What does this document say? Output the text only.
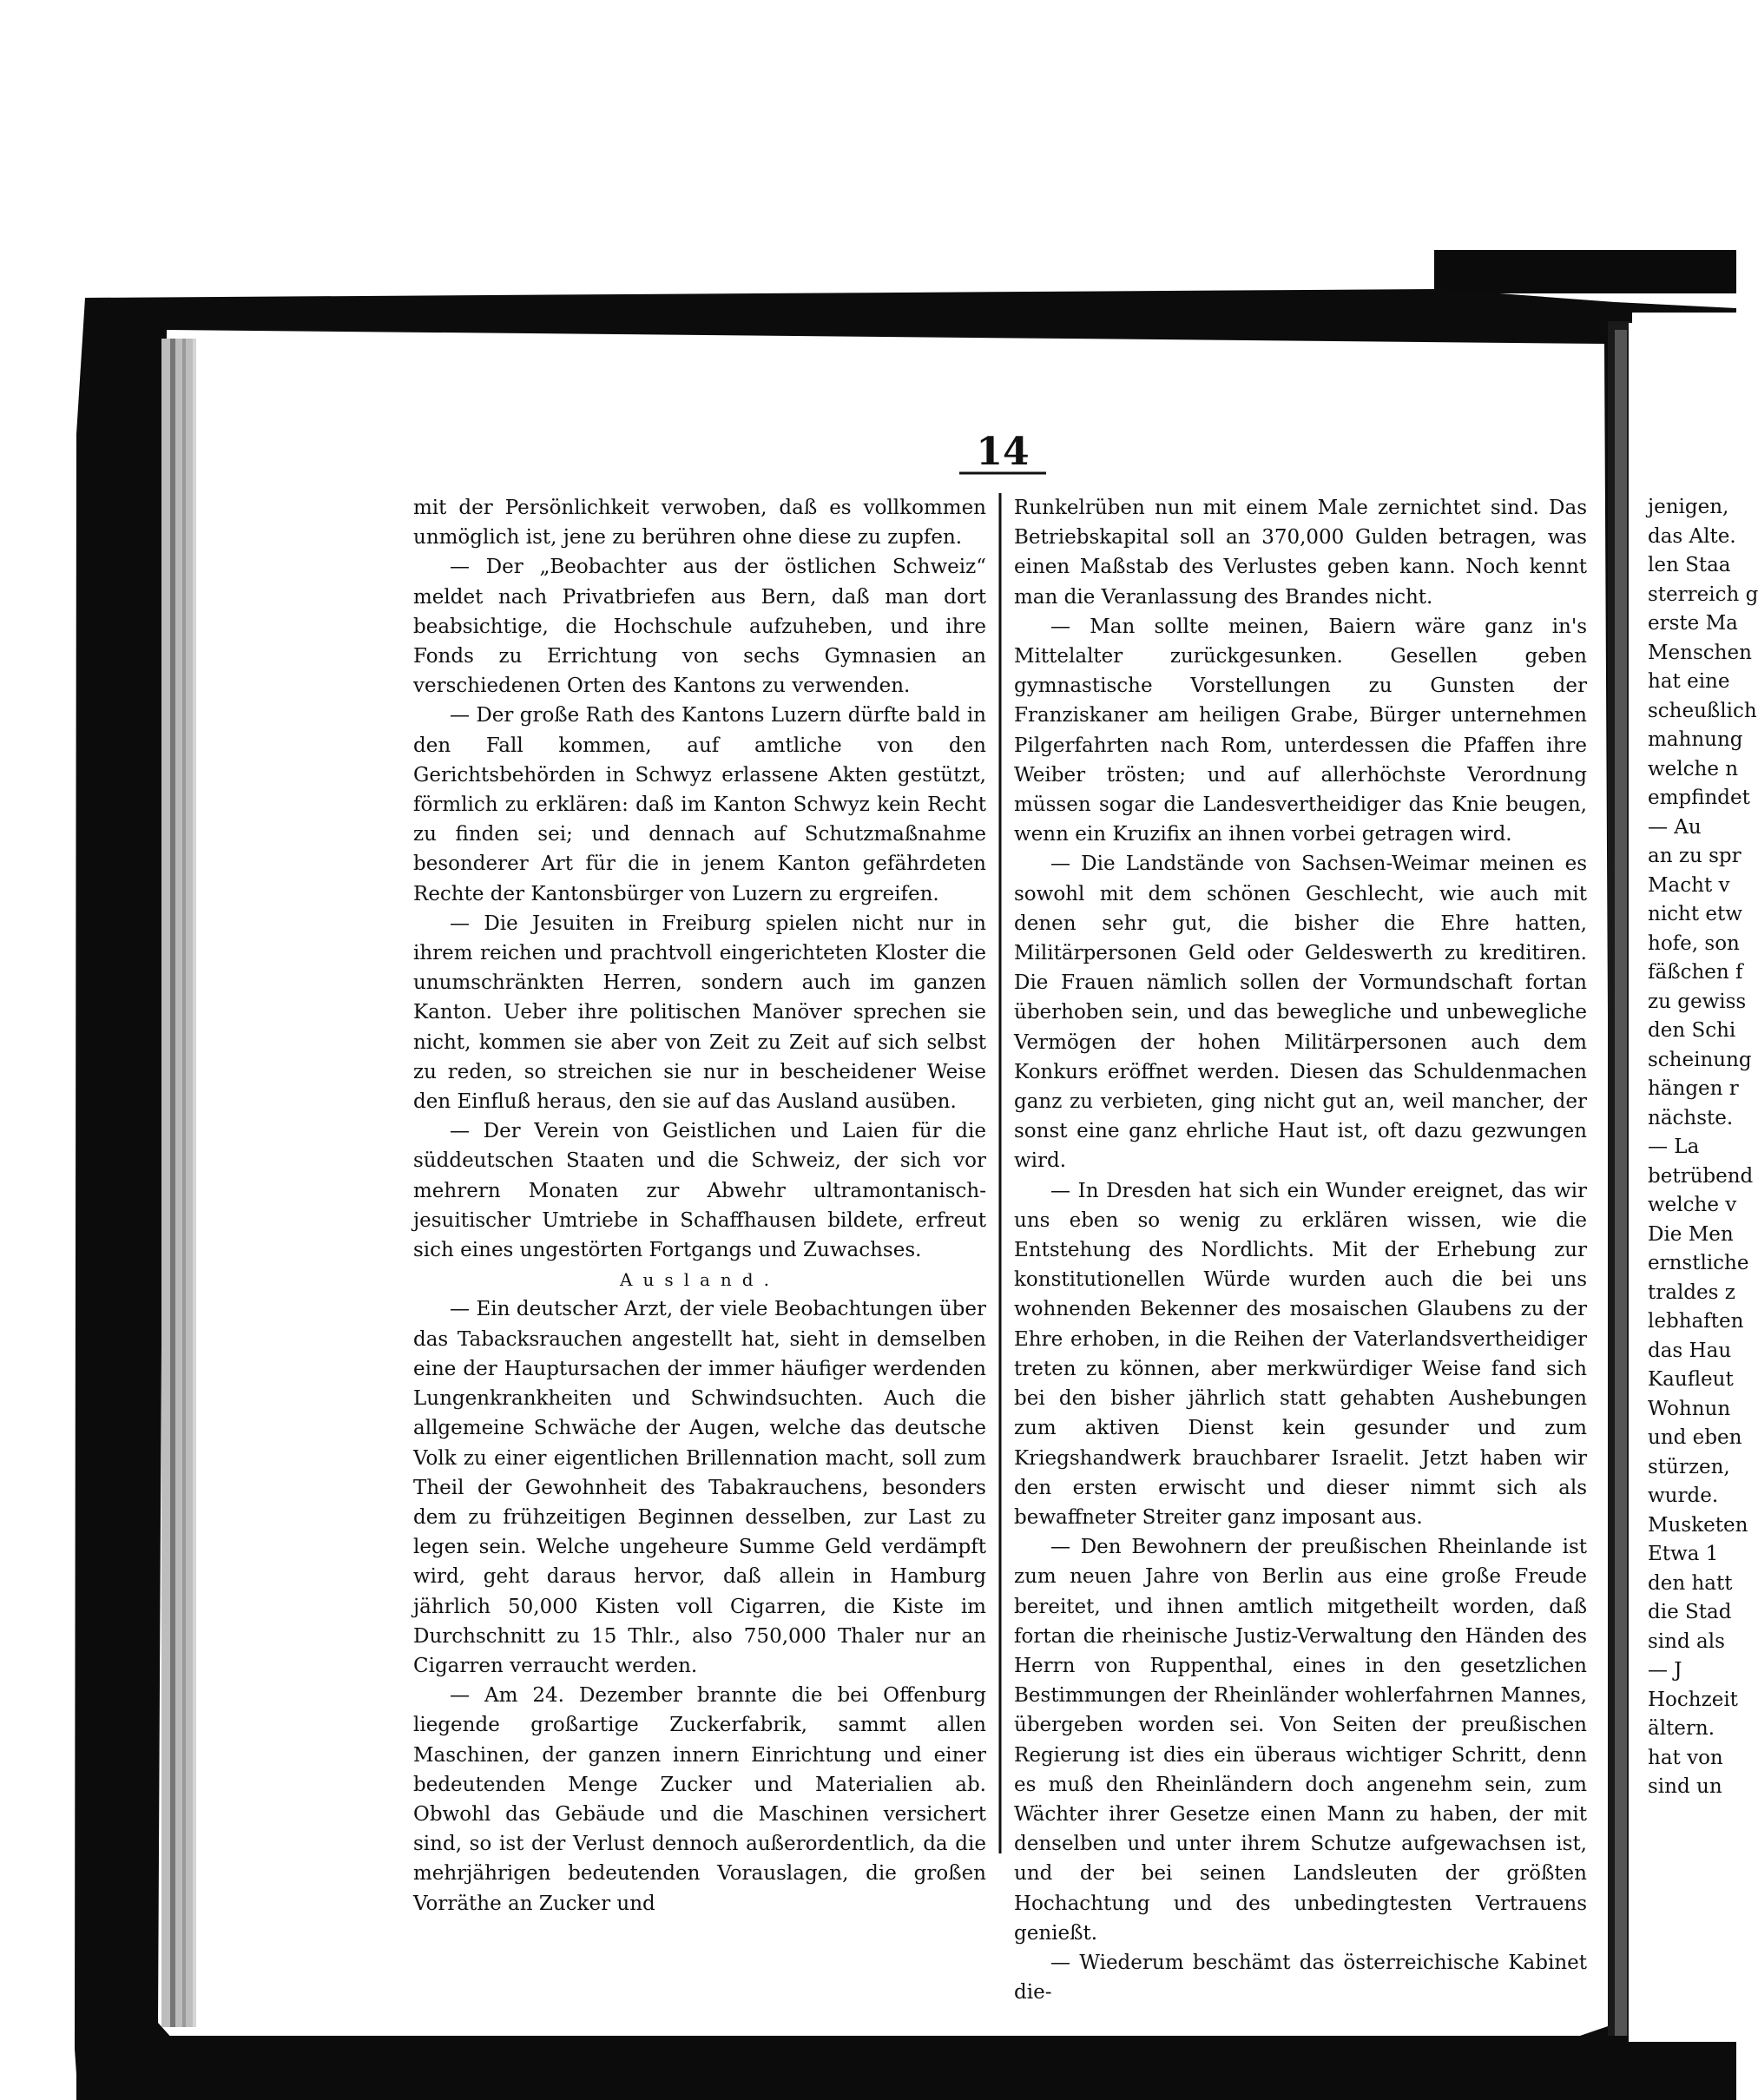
14

mit der Persönlichkeit verwoben, daß es vollkommen unmöglich ist, jene zu berühren ohne diese zu zupfen.

— Der „Beobachter aus der östlichen Schweiz“ meldet nach Privatbriefen aus Bern, daß man dort beabsichtige, die Hochschule aufzuheben, und ihre Fonds zu Errichtung von sechs Gymnasien an verschiedenen Orten des Kantons zu verwenden.

— Der große Rath des Kantons Luzern dürfte bald in den Fall kommen, auf amtliche von den Gerichtsbehörden in Schwyz erlassene Akten gestützt, förmlich zu erklären: daß im Kanton Schwyz kein Recht zu finden sei; und dennach auf Schutzmaßnahme besonderer Art für die in jenem Kanton gefährdeten Rechte der Kantonsbürger von Luzern zu ergreifen.

— Die Jesuiten in Freiburg spielen nicht nur in ihrem reichen und prachtvoll eingerichteten Kloster die unumschränkten Herren, sondern auch im ganzen Kanton. Ueber ihre politischen Manöver sprechen sie nicht, kommen sie aber von Zeit zu Zeit auf sich selbst zu reden, so streichen sie nur in bescheidener Weise den Einfluß heraus, den sie auf das Ausland ausüben.

— Der Verein von Geistlichen und Laien für die süddeutschen Staaten und die Schweiz, der sich vor mehrern Monaten zur Abwehr ultramontanisch-jesuitischer Umtriebe in Schaffhausen bildete, erfreut sich eines ungestörten Fortgangs und Zuwachses.

Ausland.

— Ein deutscher Arzt, der viele Beobachtungen über das Tabacksrauchen angestellt hat, sieht in demselben eine der Hauptursachen der immer häufiger werdenden Lungenkrankheiten und Schwindsuchten. Auch die allgemeine Schwäche der Augen, welche das deutsche Volk zu einer eigentlichen Brillennation macht, soll zum Theil der Gewohnheit des Tabakrauchens, besonders dem zu frühzeitigen Beginnen desselben, zur Last zu legen sein. Welche ungeheure Summe Geld verdämpft wird, geht daraus hervor, daß allein in Hamburg jährlich 50,000 Kisten voll Cigarren, die Kiste im Durchschnitt zu 15 Thlr., also 750,000 Thaler nur an Cigarren verraucht werden.

— Am 24. Dezember brannte die bei Offenburg liegende großartige Zuckerfabrik, sammt allen Maschinen, der ganzen innern Einrichtung und einer bedeutenden Menge Zucker und Materialien ab. Obwohl das Gebäude und die Maschinen versichert sind, so ist der Verlust dennoch außerordentlich, da die mehrjährigen bedeutenden Vorauslagen, die großen Vorräthe an Zucker und

Runkelrüben nun mit einem Male zernichtet sind. Das Betriebskapital soll an 370,000 Gulden betragen, was einen Maßstab des Verlustes geben kann. Noch kennt man die Veranlassung des Brandes nicht.

— Man sollte meinen, Baiern wäre ganz in's Mittelalter zurückgesunken. Gesellen geben gymnastische Vorstellungen zu Gunsten der Franziskaner am heiligen Grabe, Bürger unternehmen Pilgerfahrten nach Rom, unterdessen die Pfaffen ihre Weiber trösten; und auf allerhöchste Verordnung müssen sogar die Landesvertheidiger das Knie beugen, wenn ein Kruzifix an ihnen vorbei getragen wird.

— Die Landstände von Sachsen-Weimar meinen es sowohl mit dem schönen Geschlecht, wie auch mit denen sehr gut, die bisher die Ehre hatten, Militärpersonen Geld oder Geldeswerth zu kreditiren. Die Frauen nämlich sollen der Vormundschaft fortan überhoben sein, und das bewegliche und unbewegliche Vermögen der hohen Militärpersonen auch dem Konkurs eröffnet werden. Diesen das Schuldenmachen ganz zu verbieten, ging nicht gut an, weil mancher, der sonst eine ganz ehrliche Haut ist, oft dazu gezwungen wird.

— In Dresden hat sich ein Wunder ereignet, das wir uns eben so wenig zu erklären wissen, wie die Entstehung des Nordlichts. Mit der Erhebung zur konstitutionellen Würde wurden auch die bei uns wohnenden Bekenner des mosaischen Glaubens zu der Ehre erhoben, in die Reihen der Vaterlandsvertheidiger treten zu können, aber merkwürdiger Weise fand sich bei den bisher jährlich statt gehabten Aushebungen zum aktiven Dienst kein gesunder und zum Kriegshandwerk brauchbarer Israelit. Jetzt haben wir den ersten erwischt und dieser nimmt sich als bewaffneter Streiter ganz imposant aus.

— Den Bewohnern der preußischen Rheinlande ist zum neuen Jahre von Berlin aus eine große Freude bereitet, und ihnen amtlich mitgetheilt worden, daß fortan die rheinische Justiz-Verwaltung den Händen des Herrn von Ruppenthal, eines in den gesetzlichen Bestimmungen der Rheinländer wohlerfahrnen Mannes, übergeben worden sei. Von Seiten der preußischen Regierung ist dies ein überaus wichtiger Schritt, denn es muß den Rheinländern doch angenehm sein, zum Wächter ihrer Gesetze einen Mann zu haben, der mit denselben und unter ihrem Schutze aufgewachsen ist, und der bei seinen Landsleuten der größten Hochachtung und des unbedingtesten Vertrauens genießt.

— Wiederum beschämt das österreichische Kabinet die-

jenigen,
das Alte.
len Staa
sterreich g
erste Ma
Menschen
hat eine
scheußlich
mahnung
welche n
empfindet
— Au
an zu spr
Macht v
nicht etw
hofe, son
fäßchen f
zu gewiss
den Schi
scheinung
hängen r
nächste.
— La
betrübend
welche v
Die Men
ernstliche
traldes z
lebhaften
das Hau
Kaufleut
Wohnun
und eben
stürzen,
wurde.
Musketen
Etwa 1
den hatt
die Stad
sind als
— J
Hochzeit
ältern.
hat von
sind un
